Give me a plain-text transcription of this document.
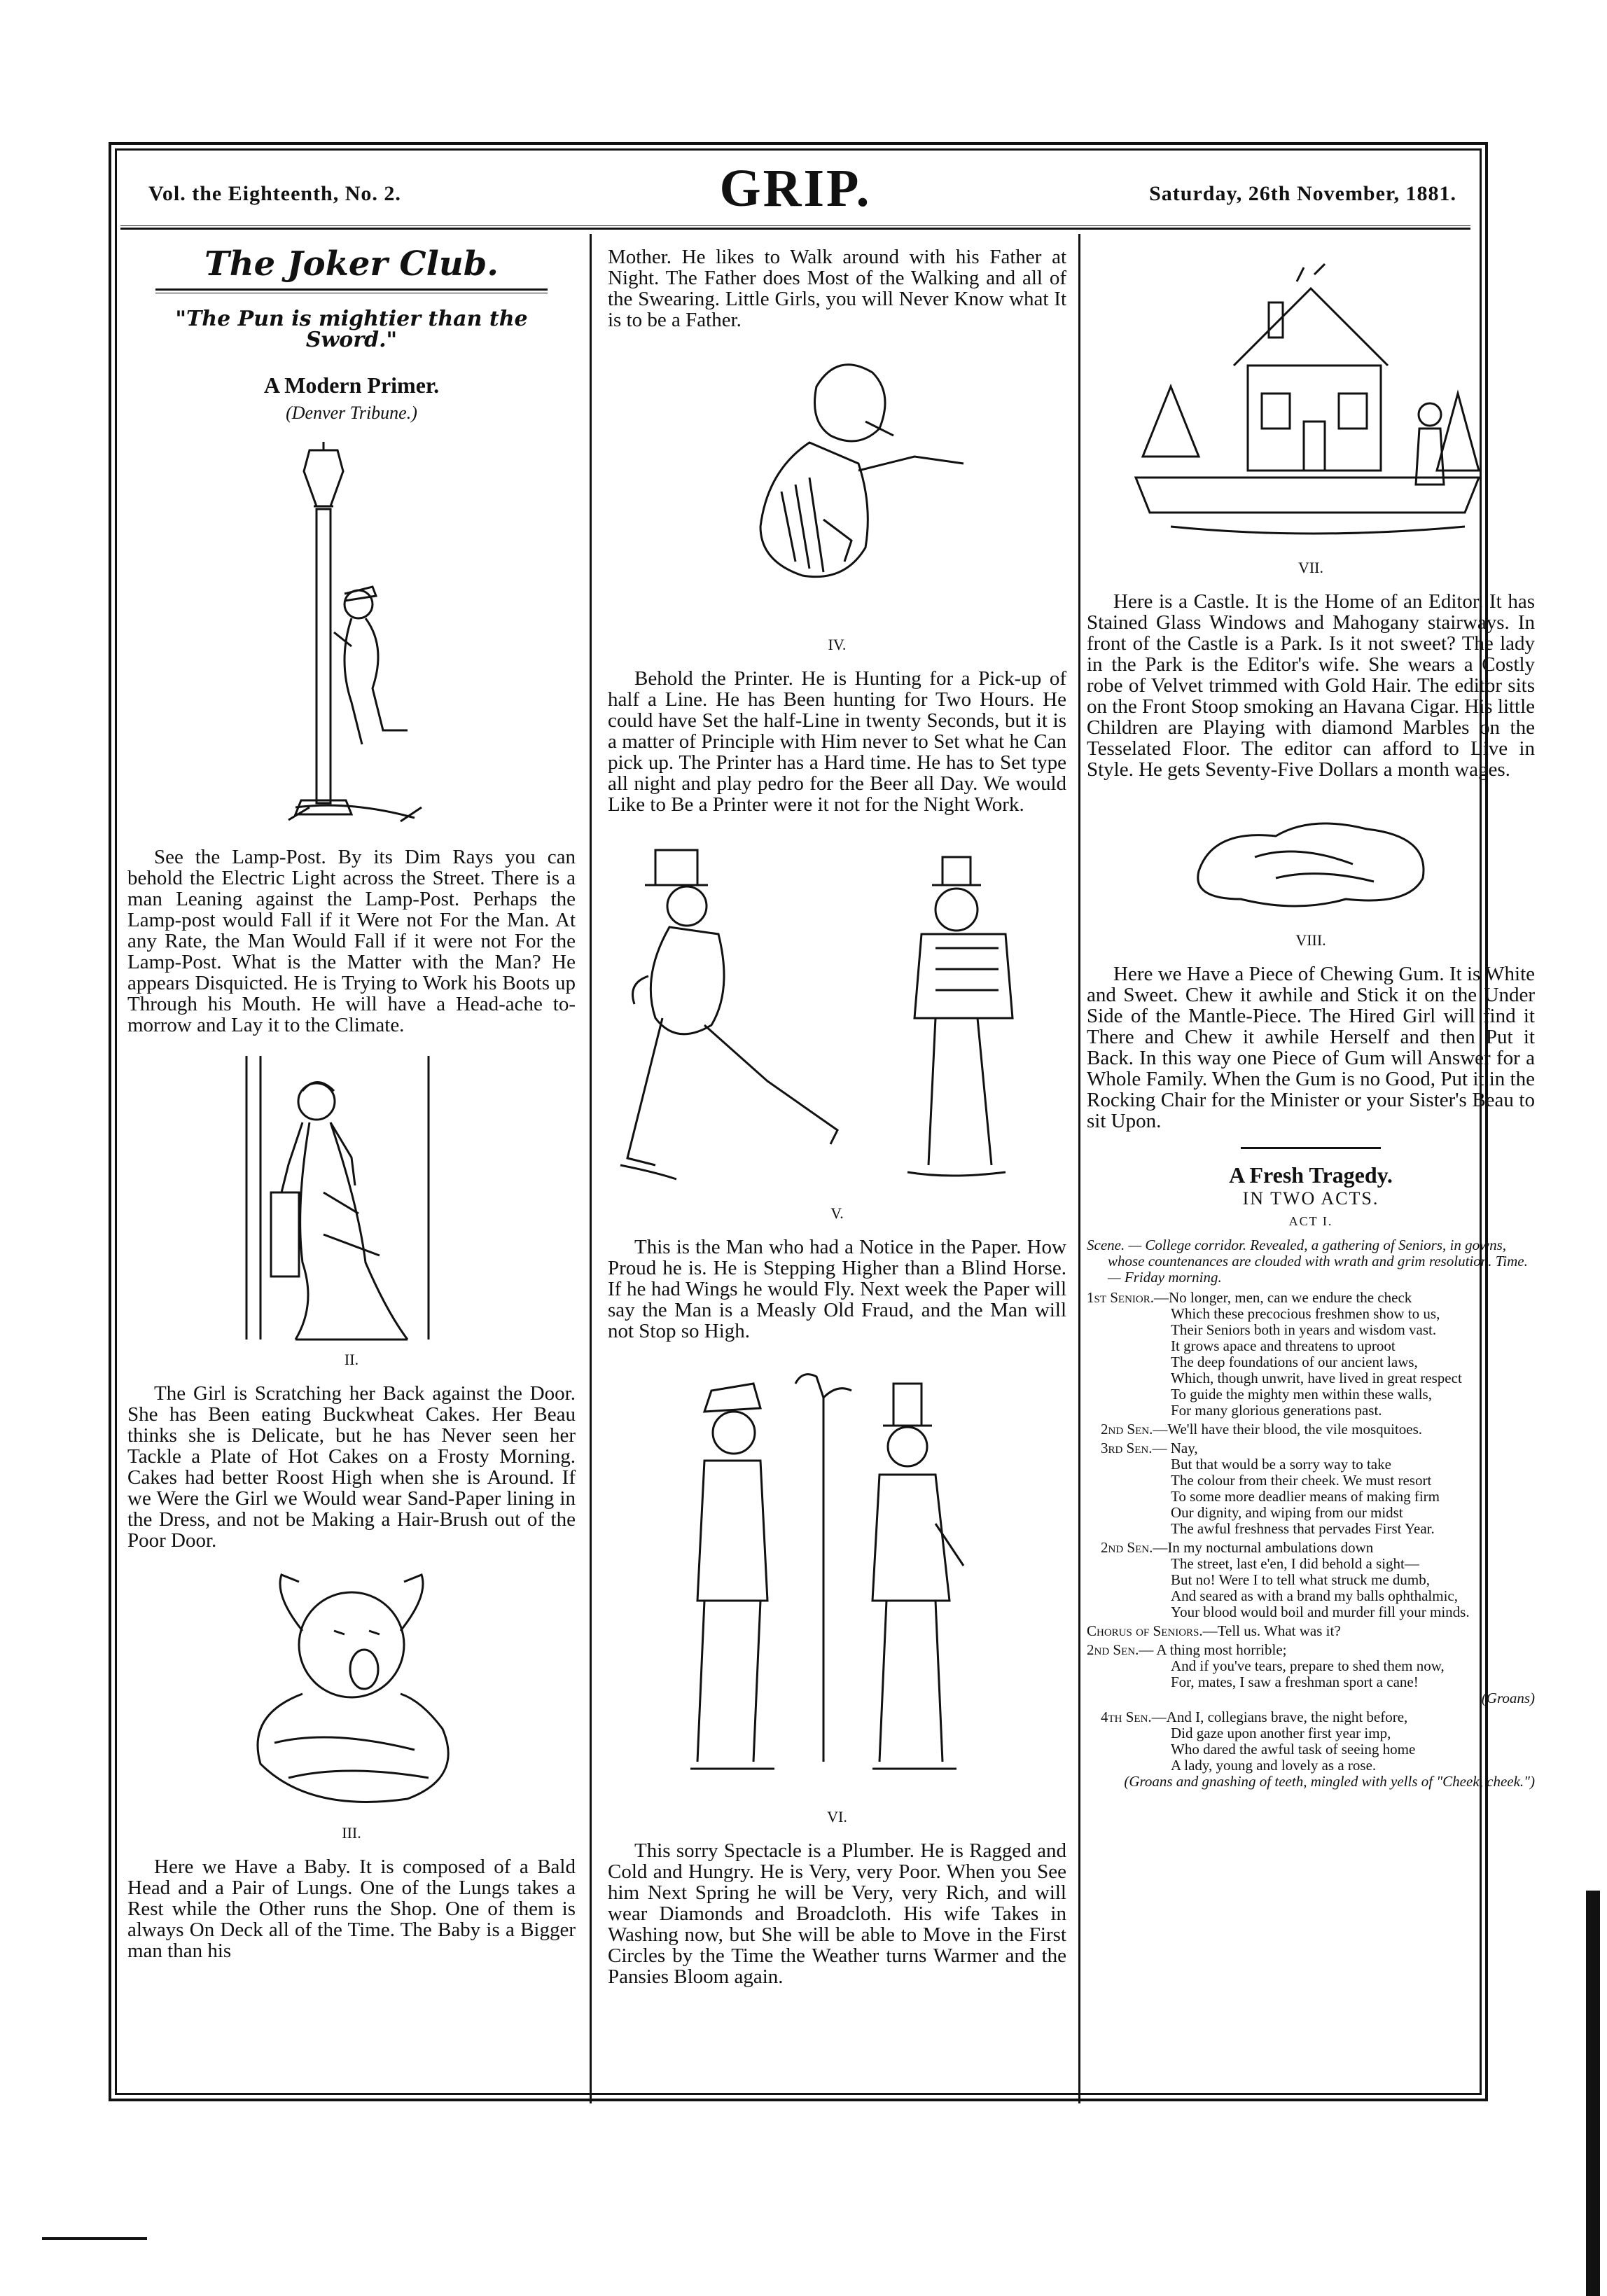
Vol. the Eighteenth, No. 2.	GRIP.	Saturday, 26th November, 1881.
The Joker Club.
"The Pun is mightier than the Sword."
A Modern Primer.
(Denver Tribune.)

See the Lamp-Post. By its Dim Rays you can behold the Electric Light across the Street. There is a man Leaning against the Lamp-Post. Perhaps the Lamp-post would Fall if it Were not For the Man. At any Rate, the Man Would Fall if it were not For the Lamp-Post. What is the Matter with the Man? He appears Disquicted. He is Trying to Work his Boots up Through his Mouth. He will have a Head-ache to-morrow and Lay it to the Climate.

II.

The Girl is Scratching her Back against the Door. She has Been eating Buckwheat Cakes. Her Beau thinks she is Delicate, but he has Never seen her Tackle a Plate of Hot Cakes on a Frosty Morning. Cakes had better Roost High when she is Around. If we Were the Girl we Would wear Sand-Paper lining in the Dress, and not be Making a Hair-Brush out of the Poor Door.

III.

Here we Have a Baby. It is composed of a Bald Head and a Pair of Lungs. One of the Lungs takes a Rest while the Other runs the Shop. One of them is always On Deck all of the Time. The Baby is a Bigger man than his

Mother. He likes to Walk around with his Father at Night. The Father does Most of the Walking and all of the Swearing. Little Girls, you will Never Know what It is to be a Father.

IV.

Behold the Printer. He is Hunting for a Pick-up of half a Line. He has Been hunting for Two Hours. He could have Set the half-Line in twenty Seconds, but it is a matter of Principle with Him never to Set what he Can pick up. The Printer has a Hard time. He has to Set type all night and play pedro for the Beer all Day. We would Like to Be a Printer were it not for the Night Work.

V.

This is the Man who had a Notice in the Paper. How Proud he is. He is Stepping Higher than a Blind Horse. If he had Wings he would Fly. Next week the Paper will say the Man is a Measly Old Fraud, and the Man will not Stop so High.

VI.

This sorry Spectacle is a Plumber. He is Ragged and Cold and Hungry. He is Very, very Poor. When you See him Next Spring he will be Very, very Rich, and will wear Diamonds and Broadcloth. His wife Takes in Washing now, but She will be able to Move in the First Circles by the Time the Weather turns Warmer and the Pansies Bloom again.

VII.

Here is a Castle. It is the Home of an Editor. It has Stained Glass Windows and Mahogany stairways. In front of the Castle is a Park. Is it not sweet? The lady in the Park is the Editor's wife. She wears a Costly robe of Velvet trimmed with Gold Hair. The editor sits on the Front Stoop smoking an Havana Cigar. His little Children are Playing with diamond Marbles on the Tesselated Floor. The editor can afford to Live in Style. He gets Seventy-Five Dollars a month wages.

VIII.

Here we Have a Piece of Chewing Gum. It is White and Sweet. Chew it awhile and Stick it on the Under Side of the Mantle-Piece. The Hired Girl will find it There and Chew it awhile Herself and then Put it Back. In this way one Piece of Gum will Answer for a Whole Family. When the Gum is no Good, Put it in the Rocking Chair for the Minister or your Sister's Beau to sit Upon.

A Fresh Tragedy.
IN TWO ACTS.
ACT I.
Scene. — College corridor. Revealed, a gathering of Seniors, in gowns, whose countenances are clouded with wrath and grim resolution. Time.— Friday morning.
1st Senior.—No longer, men, can we endure the check
Which these precocious freshmen show to us,
Their Seniors both in years and wisdom vast.
It grows apace and threatens to uproot
The deep foundations of our ancient laws,
Which, though unwrit, have lived in great respect
To guide the mighty men within these walls,
For many glorious generations past.
2nd Sen.—We'll have their blood, the vile mosquitoes.
3rd Sen.— Nay,
But that would be a sorry way to take
The colour from their cheek. We must resort
To some more deadlier means of making firm
Our dignity, and wiping from our midst
The awful freshness that pervades First Year.
2nd Sen.—In my nocturnal ambulations down
The street, last e'en, I did behold a sight—
But no! Were I to tell what struck me dumb,
And seared as with a brand my balls ophthalmic,
Your blood would boil and murder fill your minds.
Chorus of Seniors.—Tell us. What was it?
2nd Sen.— A thing most horrible;
And if you've tears, prepare to shed them now,
For, mates, I saw a freshman sport a cane!
(Groans)
4th Sen.—And I, collegians brave, the night before,
Did gaze upon another first year imp,
Who dared the awful task of seeing home
A lady, young and lovely as a rose.
(Groans and gnashing of teeth, mingled with yells of "Cheek, cheek.")
